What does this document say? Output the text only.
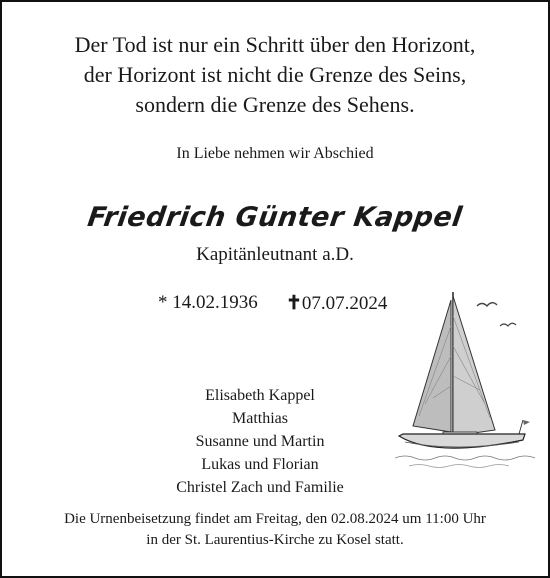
Der Tod ist nur ein Schritt über den Horizont,
der Horizont ist nicht die Grenze des Seins,
sondern die Grenze des Sehens.
In Liebe nehmen wir Abschied
Friedrich Günter Kappel
Kapitänleutnant a.D.
* 14.02.1936 ✝07.07.2024
Elisabeth Kappel
Matthias
Susanne und Martin
Lukas und Florian
Christel Zach und Familie
Die Urnenbeisetzung findet am Freitag, den 02.08.2024 um 11:00 Uhr
in der St. Laurentius-Kirche zu Kosel statt.
